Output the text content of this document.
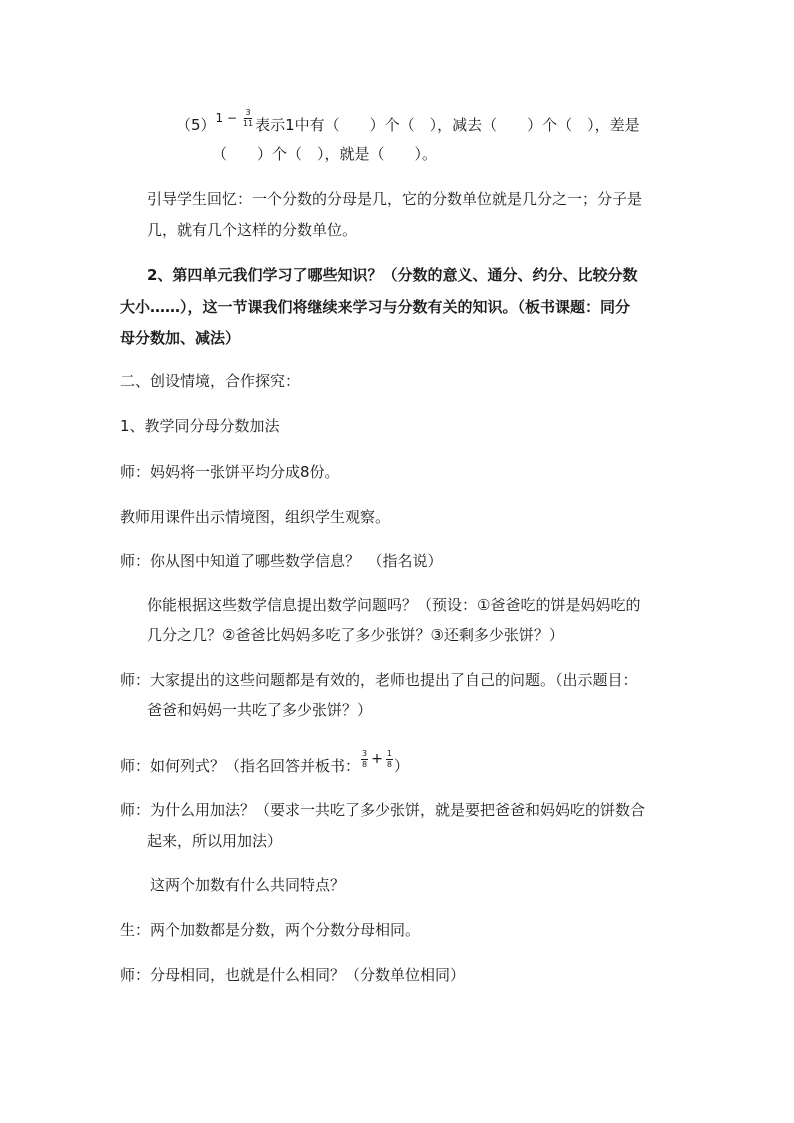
$(5)^{1 - \frac{3}{11}}$ 表示1中有（　　）个（　），减去（　　）个（　），差是
（　　）个（　），就是（　　）。
引导学生回忆：一个分数的分母是几，它的分数单位就是几分之一；分子是
几，就有几个这样的分数单位。
2、第四单元我们学习了哪些知识？（分数的意义、通分、约分、比较分数
大小……），这一节课我们将继续来学习与分数有关的知识。（板书课题：同分
母分数加、减法）
二、创设情境，合作探究：
1、教学同分母分数加法
师：妈妈将一张饼平均分成8份。
教师用课件出示情境图，组织学生观察。
师：你从图中知道了哪些数学信息？　（指名说）
你能根据这些数学信息提出数学问题吗？（预设：①爸爸吃的饼是妈妈吃的
几分之几？②爸爸比妈妈多吃了多少张饼？③还剩多少张饼？）
师：大家提出的这些问题都是有效的，老师也提出了自己的问题。（出示题目：
爸爸和妈妈一共吃了多少张饼？）
师：如何列式？（指名回答并板书： $^{\frac{3}{8} + \frac{1}{8}}$ ）
师：为什么用加法？（要求一共吃了多少张饼，就是要把爸爸和妈妈吃的饼数合
起来，所以用加法）
这两个加数有什么共同特点？
生：两个加数都是分数，两个分数分母相同。
师：分母相同，也就是什么相同？（分数单位相同）
